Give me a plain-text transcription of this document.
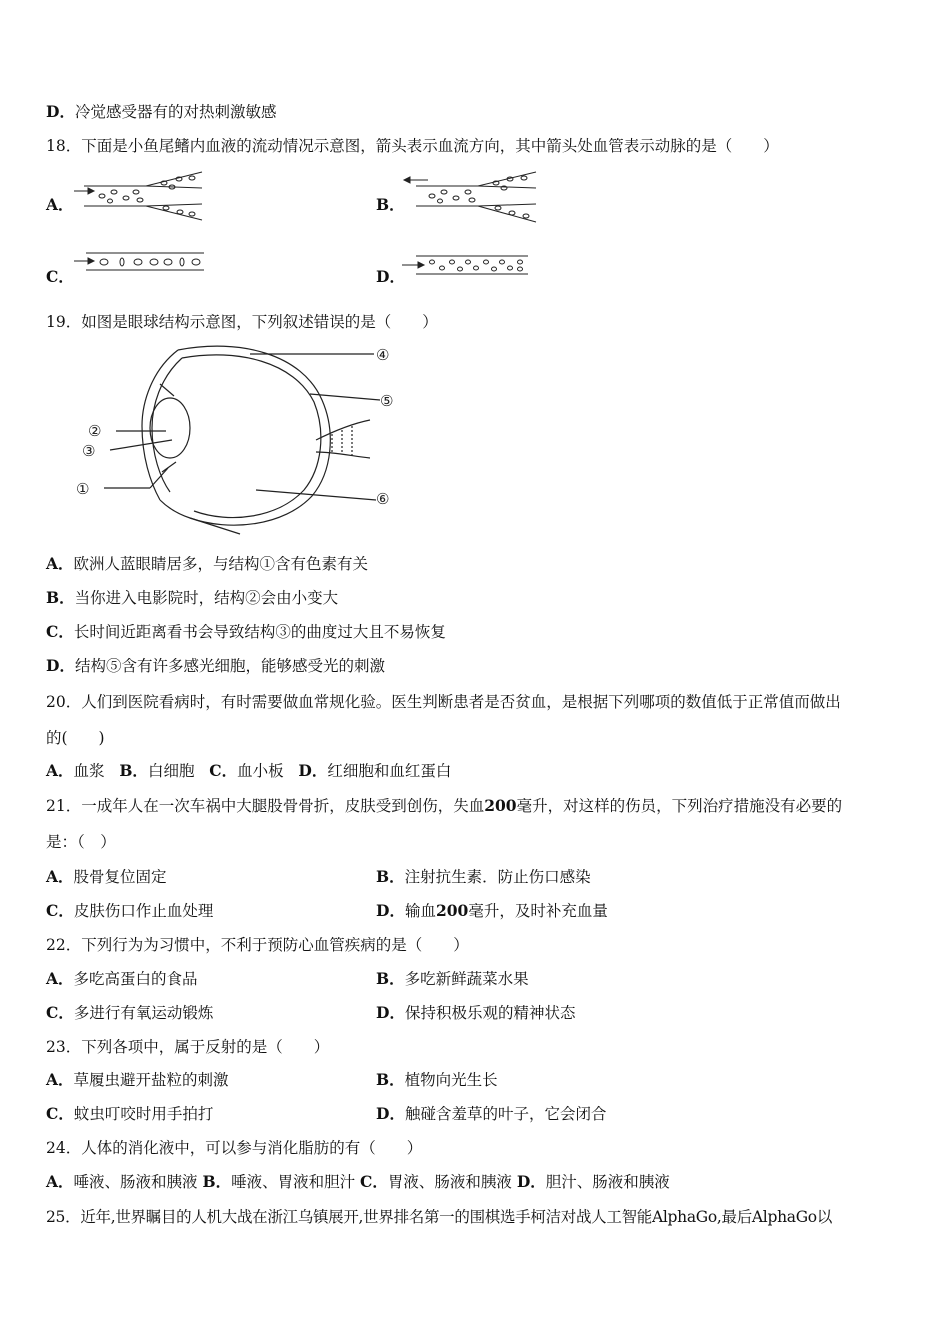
D．冷觉感受器有的对热刺激敏感
18．下面是小鱼尾鳍内血液的流动情况示意图，箭头表示血流方向，其中箭头处血管表示动脉的是（　　）
A．	B．
C．	D．
19．如图是眼球结构示意图，下列叙述错误的是（　　）
④
⑤
②
③
①
⑥
A．欧洲人蓝眼睛居多，与结构①含有色素有关
B．当你进入电影院时，结构②会由小变大
C．长时间近距离看书会导致结构③的曲度过大且不易恢复
D．结构⑤含有许多感光细胞，能够感受光的刺激
20．人们到医院看病时，有时需要做血常规化验。医生判断患者是否贫血，是根据下列哪项的数值低于正常值而做出
的(　　)
A．血浆 B．白细胞 C．血小板 D．红细胞和血红蛋白
21．一成年人在一次车祸中大腿股骨骨折，皮肤受到创伤，失血200毫升，对这样的伤员，下列治疗措施没有必要的
是：（　）
A．股骨复位固定	B．注射抗生素．防止伤口感染
C．皮肤伤口作止血处理	D．输血200毫升，及时补充血量
22．下列行为为习惯中，不利于预防心血管疾病的是（　　）
A．多吃高蛋白的食品	B．多吃新鲜蔬菜水果
C．多进行有氧运动锻炼	D．保持积极乐观的精神状态
23．下列各项中，属于反射的是（　　）
A．草履虫避开盐粒的刺激	B．植物向光生长
C．蚊虫叮咬时用手拍打	D．触碰含羞草的叶子，它会闭合
24．人体的消化液中，可以参与消化脂肪的有（　　）
A．唾液、肠液和胰液 B．唾液、胃液和胆汁 C．胃液、肠液和胰液 D．胆汁、肠液和胰液
25．近年,世界瞩目的人机大战在浙江乌镇展开,世界排名第一的围棋选手柯洁对战人工智能AlphaGo,最后AlphaGo以
